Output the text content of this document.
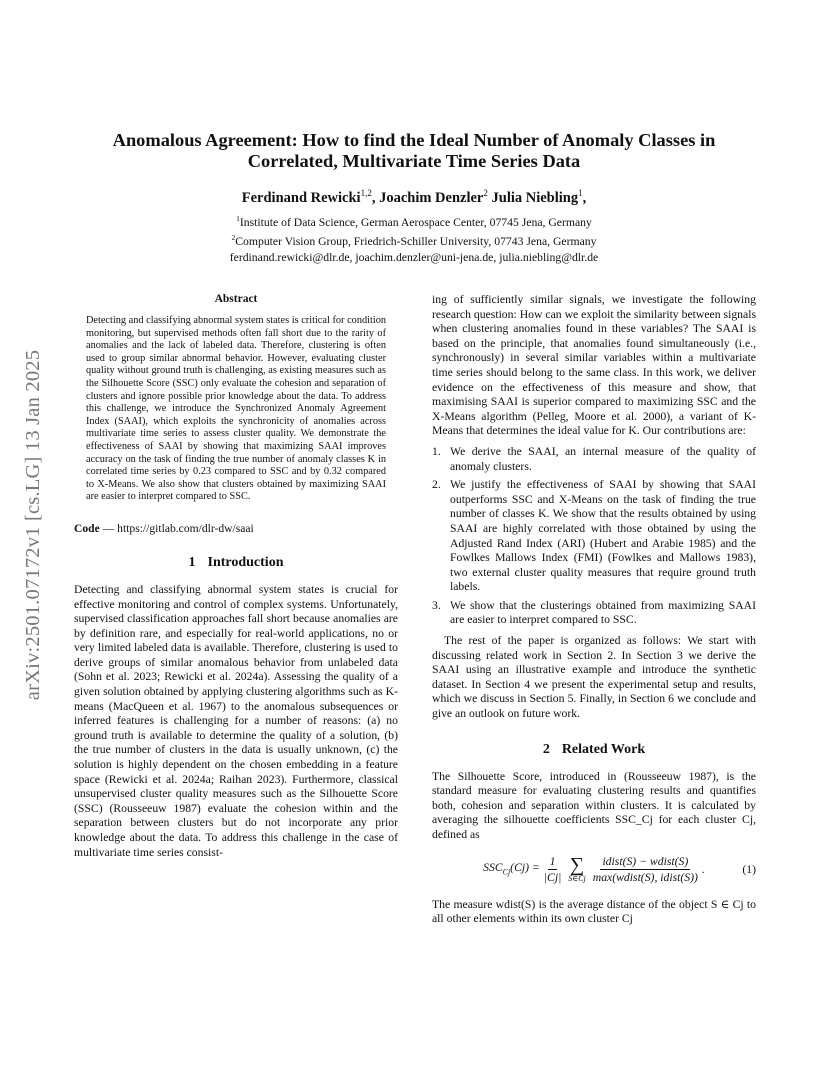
arXiv:2501.07172v1 [cs.LG] 13 Jan 2025
Anomalous Agreement: How to find the Ideal Number of Anomaly Classes in Correlated, Multivariate Time Series Data
Ferdinand Rewicki$^{1,2}$, Joachim Denzler$^2$ Julia Niebling$^1$,
$^1$Institute of Data Science, German Aerospace Center, 07745 Jena, Germany
$^2$Computer Vision Group, Friedrich-Schiller University, 07743 Jena, Germany
ferdinand.rewicki@dlr.de, joachim.denzler@uni-jena.de, julia.niebling@dlr.de
Abstract

Detecting and classifying abnormal system states is critical for condition monitoring, but supervised methods often fall short due to the rarity of anomalies and the lack of labeled data. Therefore, clustering is often used to group similar abnormal behavior. However, evaluating cluster quality without ground truth is challenging, as existing measures such as the Silhouette Score (SSC) only evaluate the cohesion and separation of clusters and ignore possible prior knowledge about the data. To address this challenge, we introduce the Synchronized Anomaly Agreement Index (SAAI), which exploits the synchronicity of anomalies across multivariate time series to assess cluster quality. We demonstrate the effectiveness of SAAI by showing that maximizing SAAI improves accuracy on the task of finding the true number of anomaly classes K in correlated time series by 0.23 compared to SSC and by 0.32 compared to X-Means. We also show that clusters obtained by maximizing SAAI are easier to interpret compared to SSC.

Code — https://gitlab.com/dlr-dw/saai

1 Introduction

Detecting and classifying abnormal system states is crucial for effective monitoring and control of complex systems. Unfortunately, supervised classification approaches fall short because anomalies are by definition rare, and especially for real-world applications, no or very limited labeled data is available. Therefore, clustering is used to derive groups of similar anomalous behavior from unlabeled data (Sohn et al. 2023; Rewicki et al. 2024a). Assessing the quality of a given solution obtained by applying clustering algorithms such as K-means (MacQueen et al. 1967) to the anomalous subsequences or inferred features is challenging for a number of reasons: (a) no ground truth is available to determine the quality of a solution, (b) the true number of clusters in the data is usually unknown, (c) the solution is highly dependent on the chosen embedding in a feature space (Rewicki et al. 2024a; Raihan 2023). Furthermore, classical unsupervised cluster quality measures such as the Silhouette Score (SSC) (Rousseeuw 1987) evaluate the cohesion within and the separation between clusters but do not incorporate any prior knowledge about the data. To address this challenge in the case of multivariate time series consist-

ing of sufficiently similar signals, we investigate the following research question: How can we exploit the similarity between signals when clustering anomalies found in these variables? The SAAI is based on the principle, that anomalies found simultaneously (i.e., synchronously) in several similar variables within a multivariate time series should belong to the same class. In this work, we deliver evidence on the effectiveness of this measure and show, that maximising SAAI is superior compared to maximizing SSC and the X-Means algorithm (Pelleg, Moore et al. 2000), a variant of K-Means that determines the ideal value for K. Our contributions are:

1. We derive the SAAI, an internal measure of the quality of anomaly clusters.
2. We justify the effectiveness of SAAI by showing that SAAI outperforms SSC and X-Means on the task of finding the true number of classes K. We show that the results obtained by using SAAI are highly correlated with those obtained by using the Adjusted Rand Index (ARI) (Hubert and Arabie 1985) and the Fowlkes Mallows Index (FMI) (Fowlkes and Mallows 1983), two external cluster quality measures that require ground truth labels.
3. We show that the clusterings obtained from maximizing SAAI are easier to interpret compared to SSC.

The rest of the paper is organized as follows: We start with discussing related work in Section 2. In Section 3 we derive the SAAI using an illustrative example and introduce the synthetic dataset. In Section 4 we present the experimental setup and results, which we discuss in Section 5. Finally, in Section 6 we conclude and give an outlook on future work.

2 Related Work

The Silhouette Score, introduced in (Rousseeuw 1987), is the standard measure for evaluating clustering results and quantifies both, cohesion and separation within clusters. It is calculated by averaging the silhouette coefficients SSC_Cj for each cluster Cj, defined as

$SSC_{Cj}(Cj) = \frac{1}{|Cj|}$ ∑
S∈Cj $\frac{\text{idist(S) − wdist(S)}}{\text{max(wdist(S), idist(S))}}$ .	(1)

The measure wdist(S) is the average distance of the object S ∈ Cj to all other elements within its own cluster Cj
